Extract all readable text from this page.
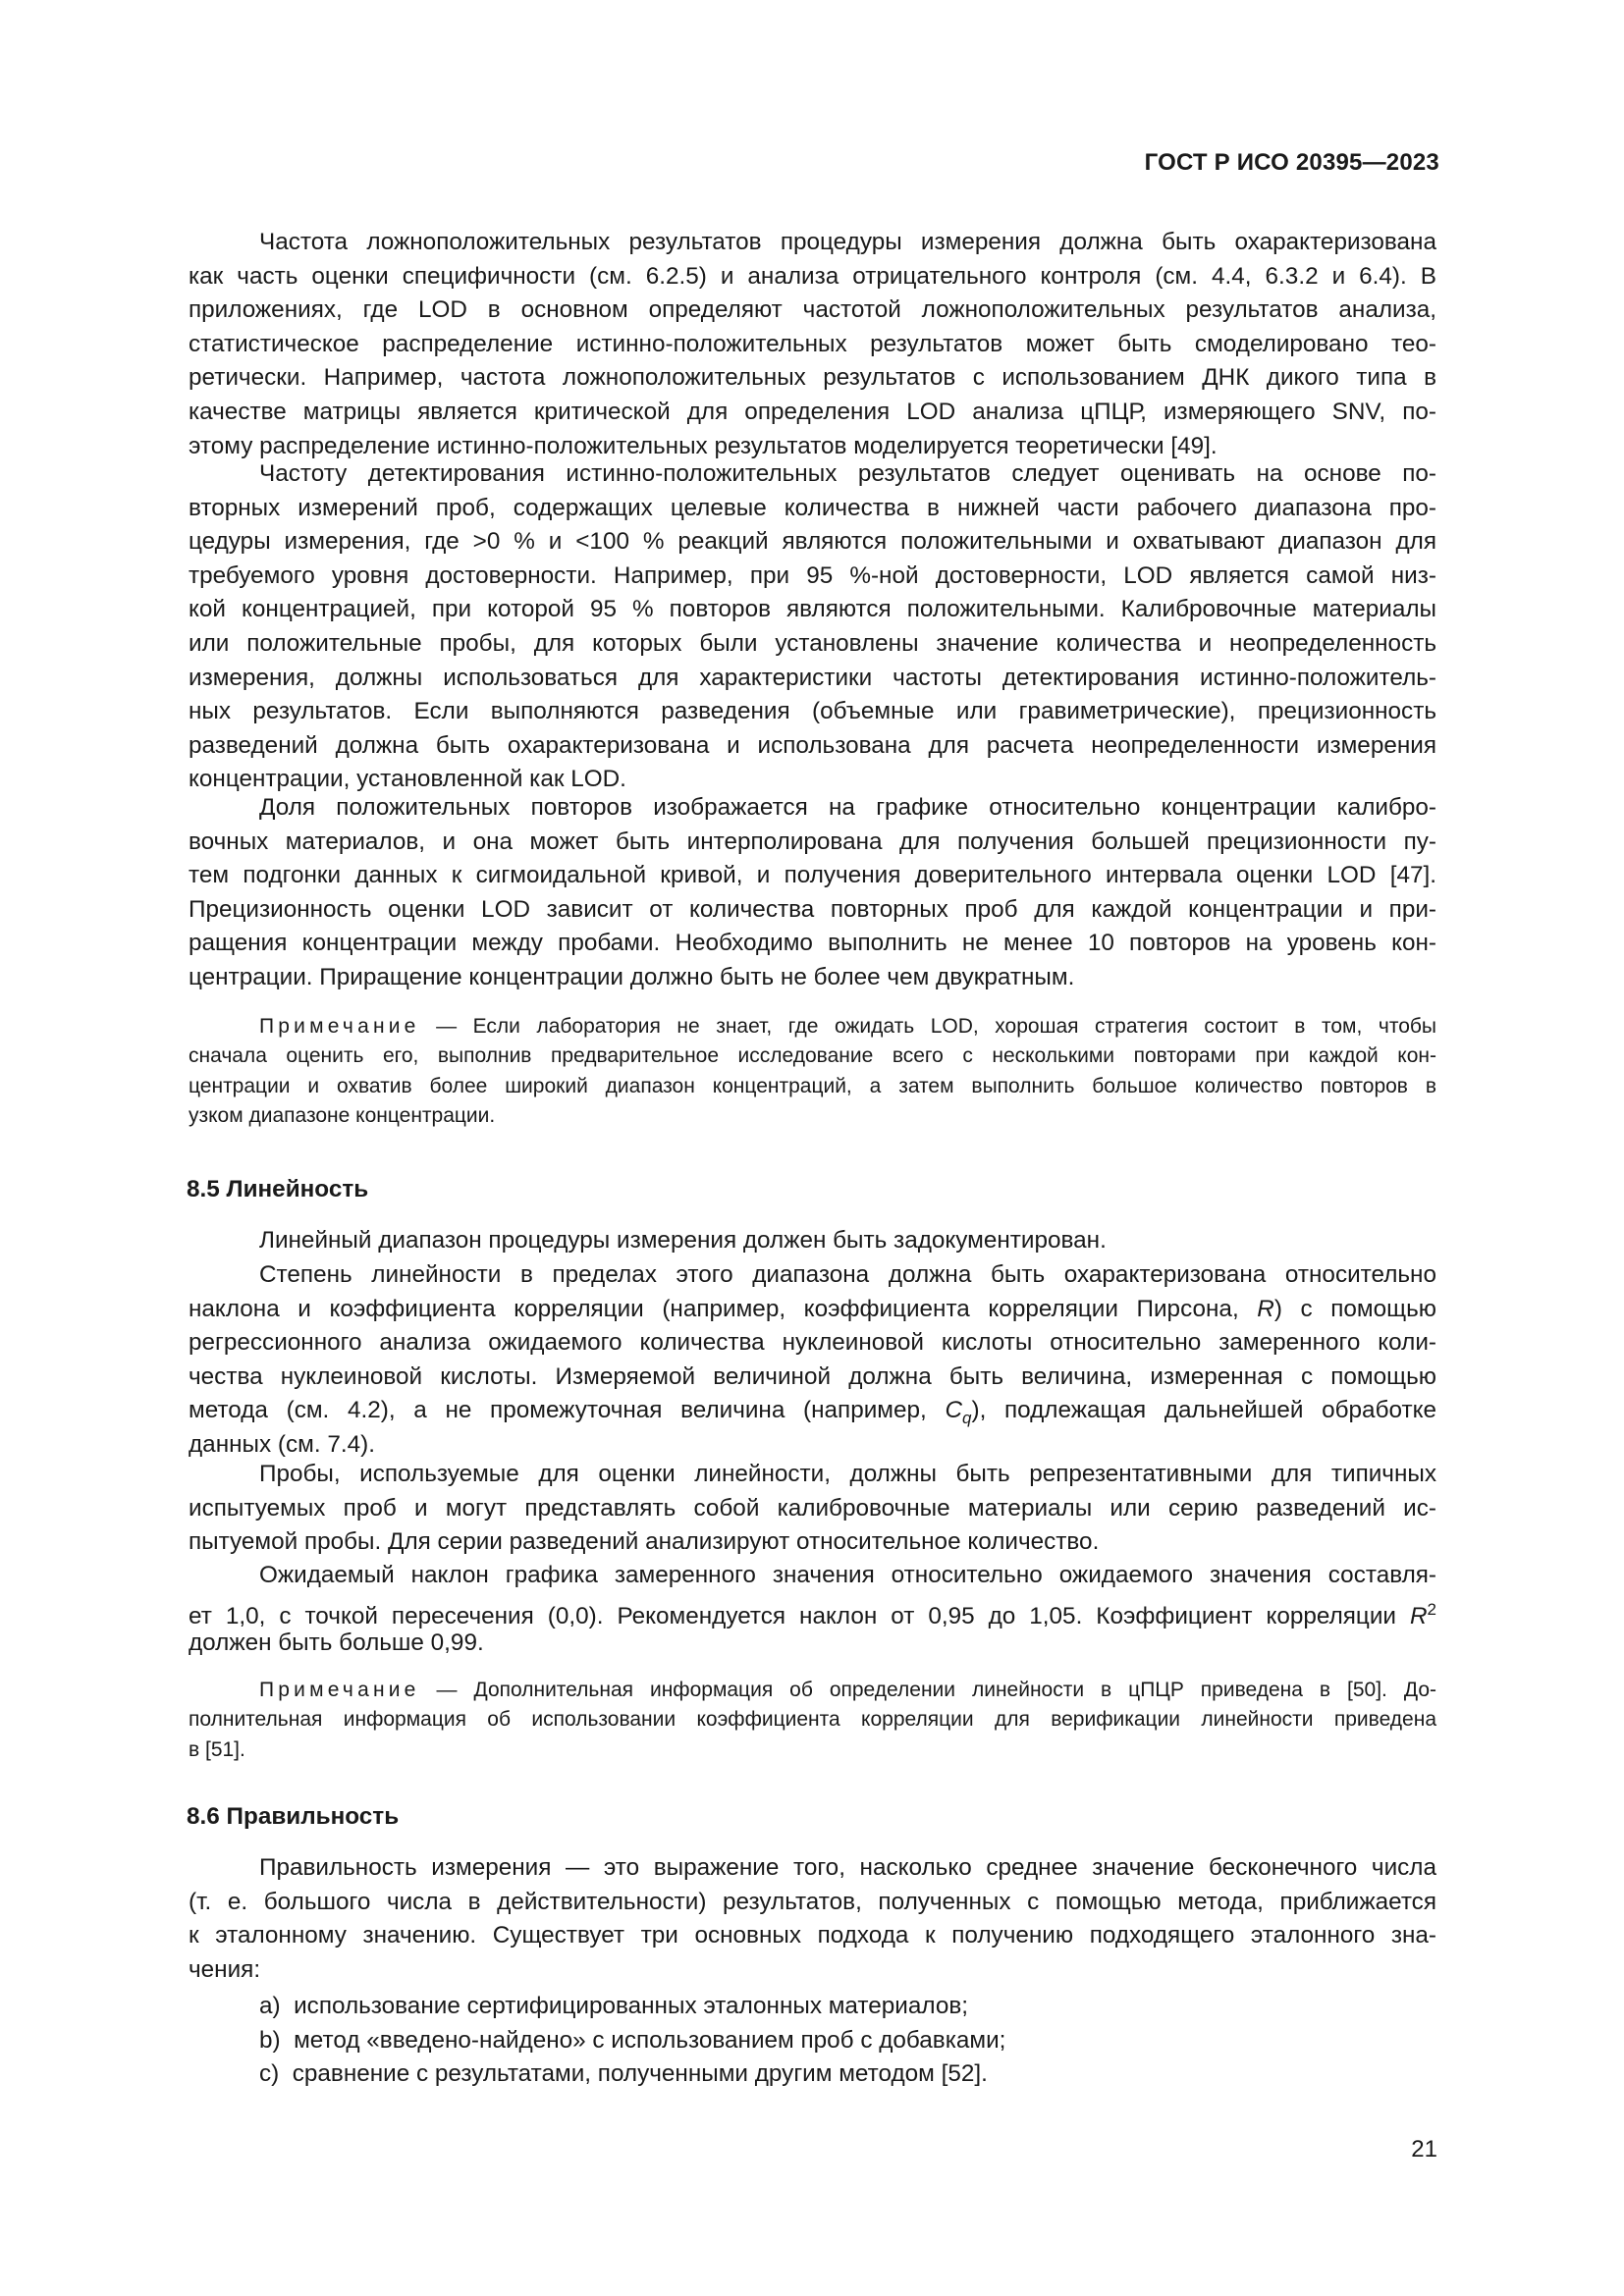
ГОСТ Р ИСО 20395—2023
Частота ложноположительных результатов процедуры измерения должна быть охарактеризована
как часть оценки специфичности (см. 6.2.5) и анализа отрицательного контроля (см. 4.4, 6.3.2 и 6.4). В
приложениях, где LOD в основном определяют частотой ложноположительных результатов анализа,
статистическое распределение истинно-положительных результатов может быть смоделировано тео-
ретически. Например, частота ложноположительных результатов с использованием ДНК дикого типа в
качестве матрицы является критической для определения LOD анализа цПЦР, измеряющего SNV, по-
этому распределение истинно-положительных результатов моделируется теоретически [49].
Частоту детектирования истинно-положительных результатов следует оценивать на основе по-
вторных измерений проб, содержащих целевые количества в нижней части рабочего диапазона про-
цедуры измерения, где >0 % и <100 % реакций являются положительными и охватывают диапазон для
требуемого уровня достоверности. Например, при 95 %-ной достоверности, LOD является самой низ-
кой концентрацией, при которой 95 % повторов являются положительными. Калибровочные материалы
или положительные пробы, для которых были установлены значение количества и неопределенность
измерения, должны использоваться для характеристики частоты детектирования истинно-положитель-
ных результатов. Если выполняются разведения (объемные или гравиметрические), прецизионность
разведений должна быть охарактеризована и использована для расчета неопределенности измерения
концентрации, установленной как LOD.
Доля положительных повторов изображается на графике относительно концентрации калибро-
вочных материалов, и она может быть интерполирована для получения большей прецизионности пу-
тем подгонки данных к сигмоидальной кривой, и получения доверительного интервала оценки LOD [47].
Прецизионность оценки LOD зависит от количества повторных проб для каждой концентрации и при-
ращения концентрации между пробами. Необходимо выполнить не менее 10 повторов на уровень кон-
центрации. Приращение концентрации должно быть не более чем двукратным.
Примечание — Если лаборатория не знает, где ожидать LOD, хорошая стратегия состоит в том, чтобы
сначала оценить его, выполнив предварительное исследование всего с несколькими повторами при каждой кон-
центрации и охватив более широкий диапазон концентраций, а затем выполнить большое количество повторов в
узком диапазоне концентрации.
8.5 Линейность
Линейный диапазон процедуры измерения должен быть задокументирован.
Степень линейности в пределах этого диапазона должна быть охарактеризована относительно
наклона и коэффициента корреляции (например, коэффициента корреляции Пирсона, R) с помощью
регрессионного анализа ожидаемого количества нуклеиновой кислоты относительно замеренного коли-
чества нуклеиновой кислоты. Измеряемой величиной должна быть величина, измеренная с помощью
метода (см. 4.2), а не промежуточная величина (например, $C_q$), подлежащая дальнейшей обработке
данных (см. 7.4).
Пробы, используемые для оценки линейности, должны быть репрезентативными для типичных
испытуемых проб и могут представлять собой калибровочные материалы или серию разведений ис-
пытуемой пробы. Для серии разведений анализируют относительное количество.
Ожидаемый наклон графика замеренного значения относительно ожидаемого значения составля-
ет 1,0, с точкой пересечения (0,0). Рекомендуется наклон от 0,95 до 1,05. Коэффициент корреляции $R^2$
должен быть больше 0,99.
Примечание — Дополнительная информация об определении линейности в цПЦР приведена в [50]. До-
полнительная информация об использовании коэффициента корреляции для верификации линейности приведена
в [51].
8.6 Правильность
Правильность измерения — это выражение того, насколько среднее значение бесконечного числа
(т. е. большого числа в действительности) результатов, полученных с помощью метода, приближается
к эталонному значению. Существует три основных подхода к получению подходящего эталонного зна-
чения:
a)  использование сертифицированных эталонных материалов;
b)  метод «введено-найдено» с использованием проб с добавками;
c)  сравнение с результатами, полученными другим методом [52].
21
